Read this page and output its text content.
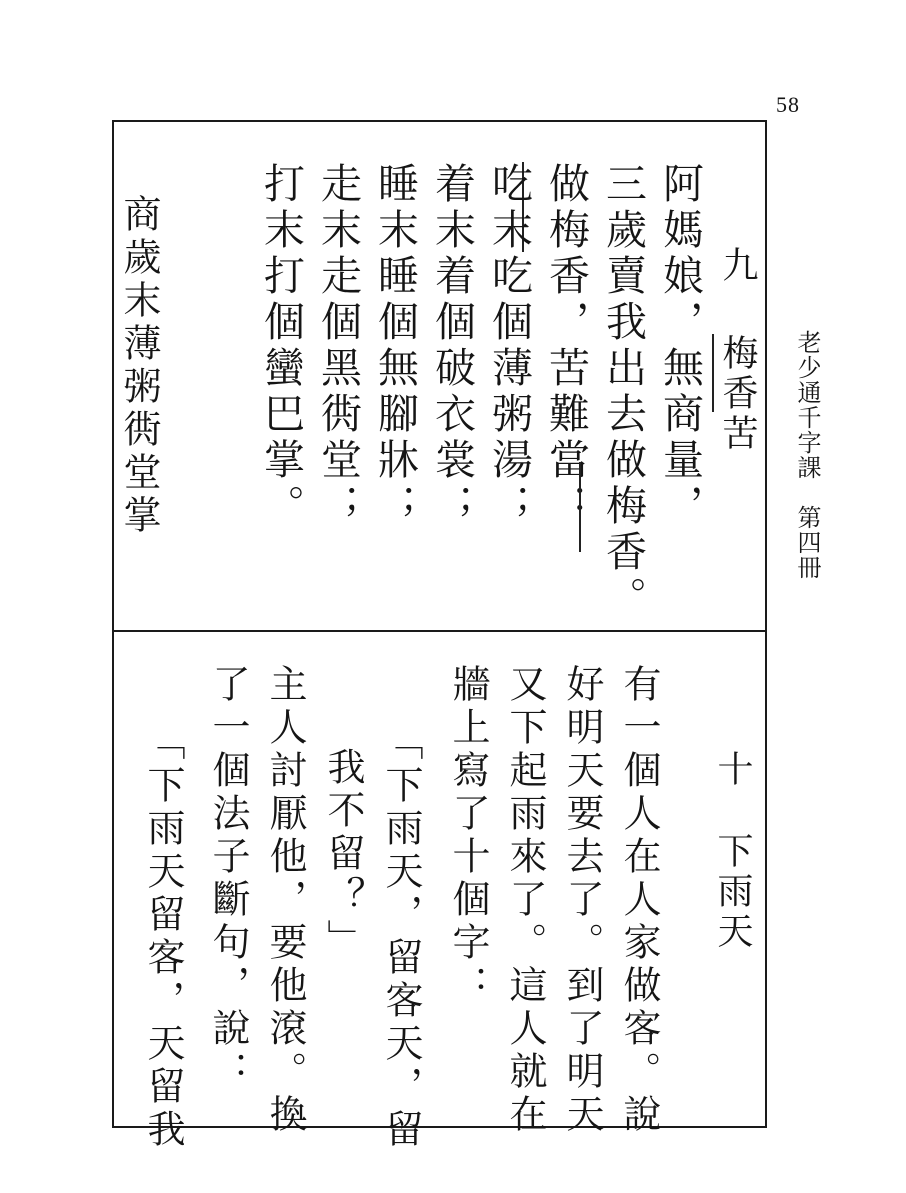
58
老少通千字課　第四冊
九
梅香苦
阿媽娘，無商量，
三歲賣我出去做梅香。
做梅香，苦難當：
吃末吃個薄粥湯；
着末着個破衣裳；
睡末睡個無腳牀；
走末走個黑衖堂；
打末打個蠻巴掌。
商歲末薄粥衖堂掌
十
下雨天
有一個人在人家做客。說
好明天要去了。到了明天
又下起雨來了。這人就在
牆上寫了十個字：
「下雨天，留客天，留
我不留？」
主人討厭他，要他滾。換
了一個法子斷句，說：
「下雨天留客，天留我
